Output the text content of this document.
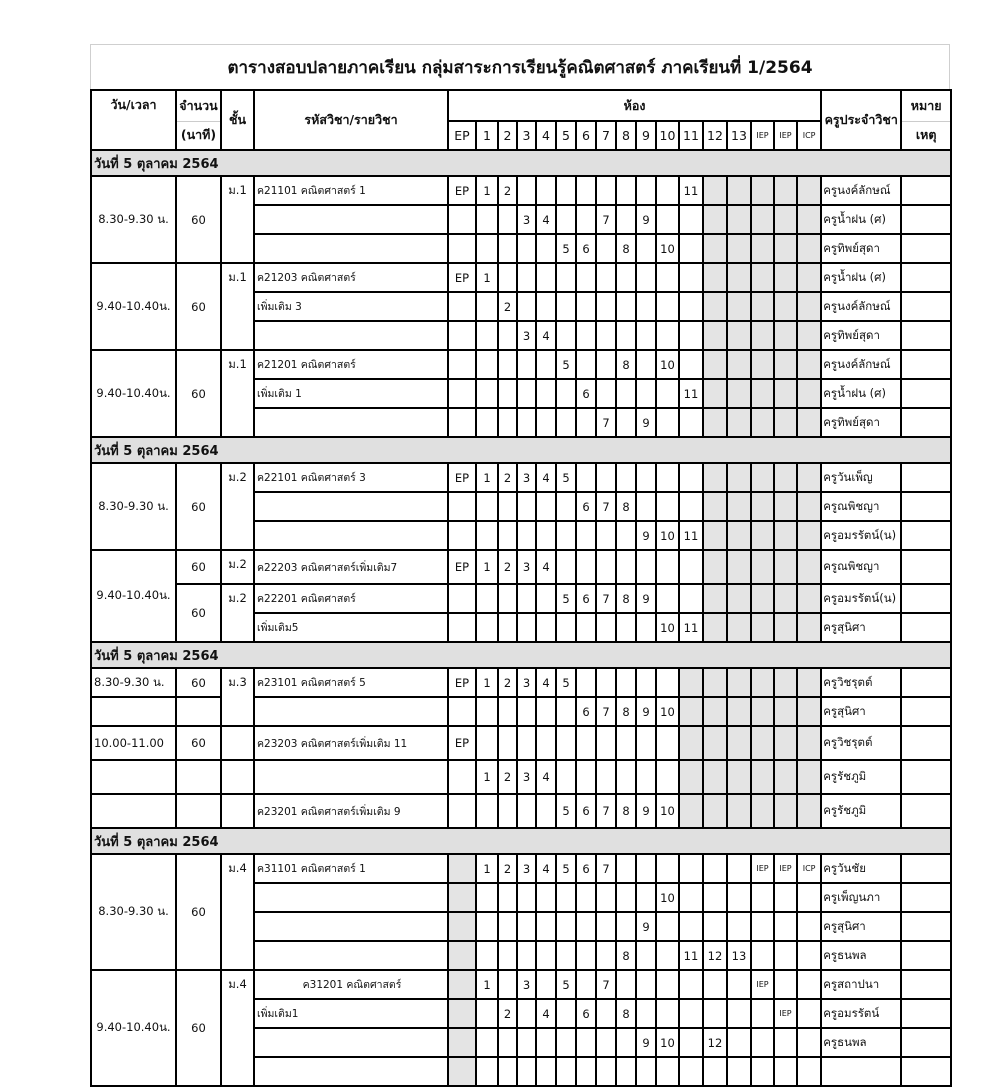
ตารางสอบปลายภาคเรียน กลุ่มสาระการเรียนรู้คณิตศาสตร์ ภาคเรียนที่ 1/2564
วัน/เวลา	จำนวน	ชั้น	รหัสวิชา/รายวิชา	ห้อง																	ครูประจำวิชา	หมาย
	(นาที)			EP	1	2	3	4	5	6	7	8	9	10	11	12	13	IEP	IEP	ICP		เหตุ
วันที่ 5 ตุลาคม 2564																						
8.30-9.30 น.	60	ม.1	ค21101 คณิตศาสตร์ 1	EP	1	2									11						ครูนงค์ลักษณ์	
							3	4			7		9								ครูน้ำฝน (ศ)	
									5	6		8		10							ครูทิพย์สุดา	
9.40-10.40น.	60	ม.1	ค21203 คณิตศาสตร์	EP	1																ครูน้ำฝน (ศ)	
			เพิ่มเติม 3			2															ครูนงค์ลักษณ์	
							3	4													ครูทิพย์สุดา	
9.40-10.40น.	60	ม.1	ค21201 คณิตศาสตร์						5			8		10							ครูนงค์ลักษณ์	
			เพิ่มเติม 1							6					11						ครูน้ำฝน (ศ)	
											7		9								ครูทิพย์สุดา	
วันที่ 5 ตุลาคม 2564																						
8.30-9.30 น.	60	ม.2	ค22101 คณิตศาสตร์ 3	EP	1	2	3	4	5												ครูวันเพ็ญ	
										6	7	8									ครูณพิชญา	
													9	10	11						ครูอมรรัตน์(น)	
9.40-10.40น.	60	ม.2	ค22203 คณิตศาสตร์เพิ่มเติม7	EP	1	2	3	4													ครูณพิชญา	
	60	ม.2	ค22201 คณิตศาสตร์						5	6	7	8	9								ครูอมรรัตน์(น)	
			เพิ่มเติม5											10	11						ครูสุนิศา	
วันที่ 5 ตุลาคม 2564																						
8.30-9.30 น.	60	ม.3	ค23101 คณิตศาสตร์ 5	EP	1	2	3	4	5												ครูวิชรุตต์	
										6	7	8	9	10							ครูสุนิศา	
10.00-11.00	60		ค23203 คณิตศาสตร์เพิ่มเติม 11	EP																	ครูวิชรุตต์	
					1	2	3	4													ครูรัชภูมิ	
			ค23201 คณิตศาสตร์เพิ่มเติม 9						5	6	7	8	9	10							ครูรัชภูมิ	
วันที่ 5 ตุลาคม 2564																						
8.30-9.30 น.	60	ม.4	ค31101 คณิตศาสตร์ 1		1	2	3	4	5	6	7							IEP	IEP	ICP	ครูวันชัย	
														10							ครูเพ็ญนภา	
													9								ครูสุนิศา	
												8			11	12	13				ครูธนพล	
9.40-10.40น.	60	ม.4	ค31201 คณิตศาสตร์		1		3		5		7							IEP			ครูสถาปนา	
			เพิ่มเติม1			2		4		6		8							IEP		ครูอมรรัตน์	
													9	10		12					ครูธนพล	
